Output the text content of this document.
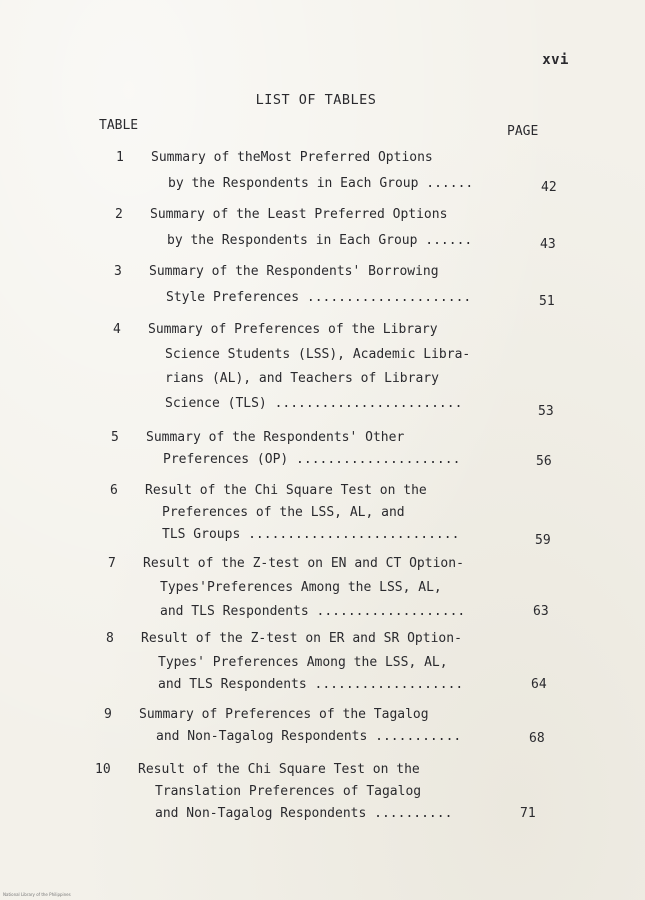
xvi
LIST OF TABLES
TABLE	PAGE
1	Summary of theMost Preferred Options
by the Respondents in Each Group ......	42
2	Summary of the Least Preferred Options
by the Respondents in Each Group ......	43
3	Summary of the Respondents' Borrowing
Style Preferences .....................	51
4	Summary of Preferences of the Library
Science Students (LSS), Academic Libra-
rians (AL), and Teachers of Library
Science (TLS) ........................
53
5	Summary of the Respondents' Other
Preferences (OP) .....................	56
6	Result of the Chi Square Test on the
Preferences of the LSS, AL, and
TLS Groups ...........................	59
7	Result of the Z-test on EN and CT Option-
Types'Preferences Among the LSS, AL,
and TLS Respondents ...................	63
8	Result of the Z-test on ER and SR Option-
Types' Preferences Among the LSS, AL,
and TLS Respondents ...................	64
9	Summary of Preferences of the Tagalog
and Non-Tagalog Respondents ...........	68
10	Result of the Chi Square Test on the
Translation Preferences of Tagalog
and Non-Tagalog Respondents ..........	71
National Library of the Philippines
